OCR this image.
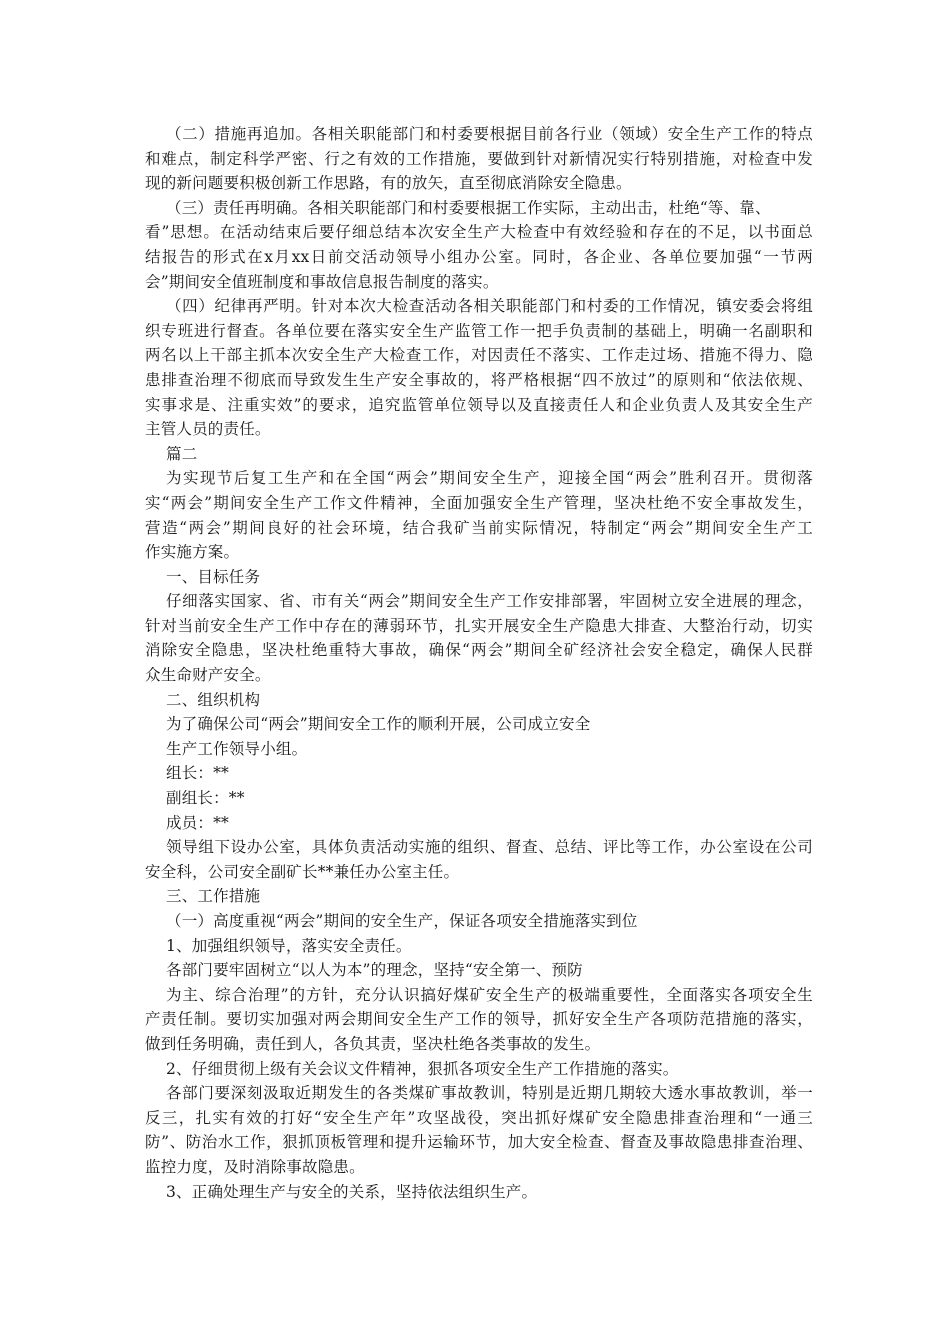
（二）措施再追加。各相关职能部门和村委要根据目前各行业（领域）安全生产工作的特点
和难点，制定科学严密、行之有效的工作措施，要做到针对新情况实行特别措施，对检查中发
现的新问题要积极创新工作思路，有的放矢，直至彻底消除安全隐患。
（三）责任再明确。各相关职能部门和村委要根据工作实际，主动出击，杜绝“等、靠、
看”思想。在活动结束后要仔细总结本次安全生产大检查中有效经验和存在的不足，以书面总
结报告的形式在x月xx日前交活动领导小组办公室。同时，各企业、各单位要加强“一节两
会”期间安全值班制度和事故信息报告制度的落实。
（四）纪律再严明。针对本次大检查活动各相关职能部门和村委的工作情况，镇安委会将组
织专班进行督查。各单位要在落实安全生产监管工作一把手负责制的基础上，明确一名副职和
两名以上干部主抓本次安全生产大检查工作，对因责任不落实、工作走过场、措施不得力、隐
患排查治理不彻底而导致发生生产安全事故的，将严格根据“四不放过”的原则和“依法依规、
实事求是、注重实效”的要求，追究监管单位领导以及直接责任人和企业负责人及其安全生产
主管人员的责任。
篇二
为实现节后复工生产和在全国“两会”期间安全生产，迎接全国“两会”胜利召开。贯彻落
实“两会”期间安全生产工作文件精神，全面加强安全生产管理，坚决杜绝不安全事故发生，
营造“两会”期间良好的社会环境，结合我矿当前实际情况，特制定“两会”期间安全生产工
作实施方案。
一、目标任务
仔细落实国家、省、市有关“两会”期间安全生产工作安排部署，牢固树立安全进展的理念，
针对当前安全生产工作中存在的薄弱环节，扎实开展安全生产隐患大排查、大整治行动，切实
消除安全隐患，坚决杜绝重特大事故，确保“两会”期间全矿经济社会安全稳定，确保人民群
众生命财产安全。
二、组织机构
为了确保公司“两会”期间安全工作的顺利开展，公司成立安全
生产工作领导小组。
组长：**
副组长：**
成员：**
领导组下设办公室，具体负责活动实施的组织、督查、总结、评比等工作，办公室设在公司
安全科，公司安全副矿长**兼任办公室主任。
三、工作措施
（一）高度重视“两会”期间的安全生产，保证各项安全措施落实到位
1、加强组织领导，落实安全责任。
各部门要牢固树立“以人为本”的理念，坚持“安全第一、预防
为主、综合治理”的方针，充分认识搞好煤矿安全生产的极端重要性，全面落实各项安全生
产责任制。要切实加强对两会期间安全生产工作的领导，抓好安全生产各项防范措施的落实，
做到任务明确，责任到人，各负其责，坚决杜绝各类事故的发生。
2、仔细贯彻上级有关会议文件精神，狠抓各项安全生产工作措施的落实。
各部门要深刻汲取近期发生的各类煤矿事故教训，特别是近期几期较大透水事故教训，举一
反三，扎实有效的打好“安全生产年”攻坚战役，突出抓好煤矿安全隐患排查治理和“一通三
防”、防治水工作，狠抓顶板管理和提升运输环节，加大安全检查、督查及事故隐患排查治理、
监控力度，及时消除事故隐患。
3、正确处理生产与安全的关系，坚持依法组织生产。
